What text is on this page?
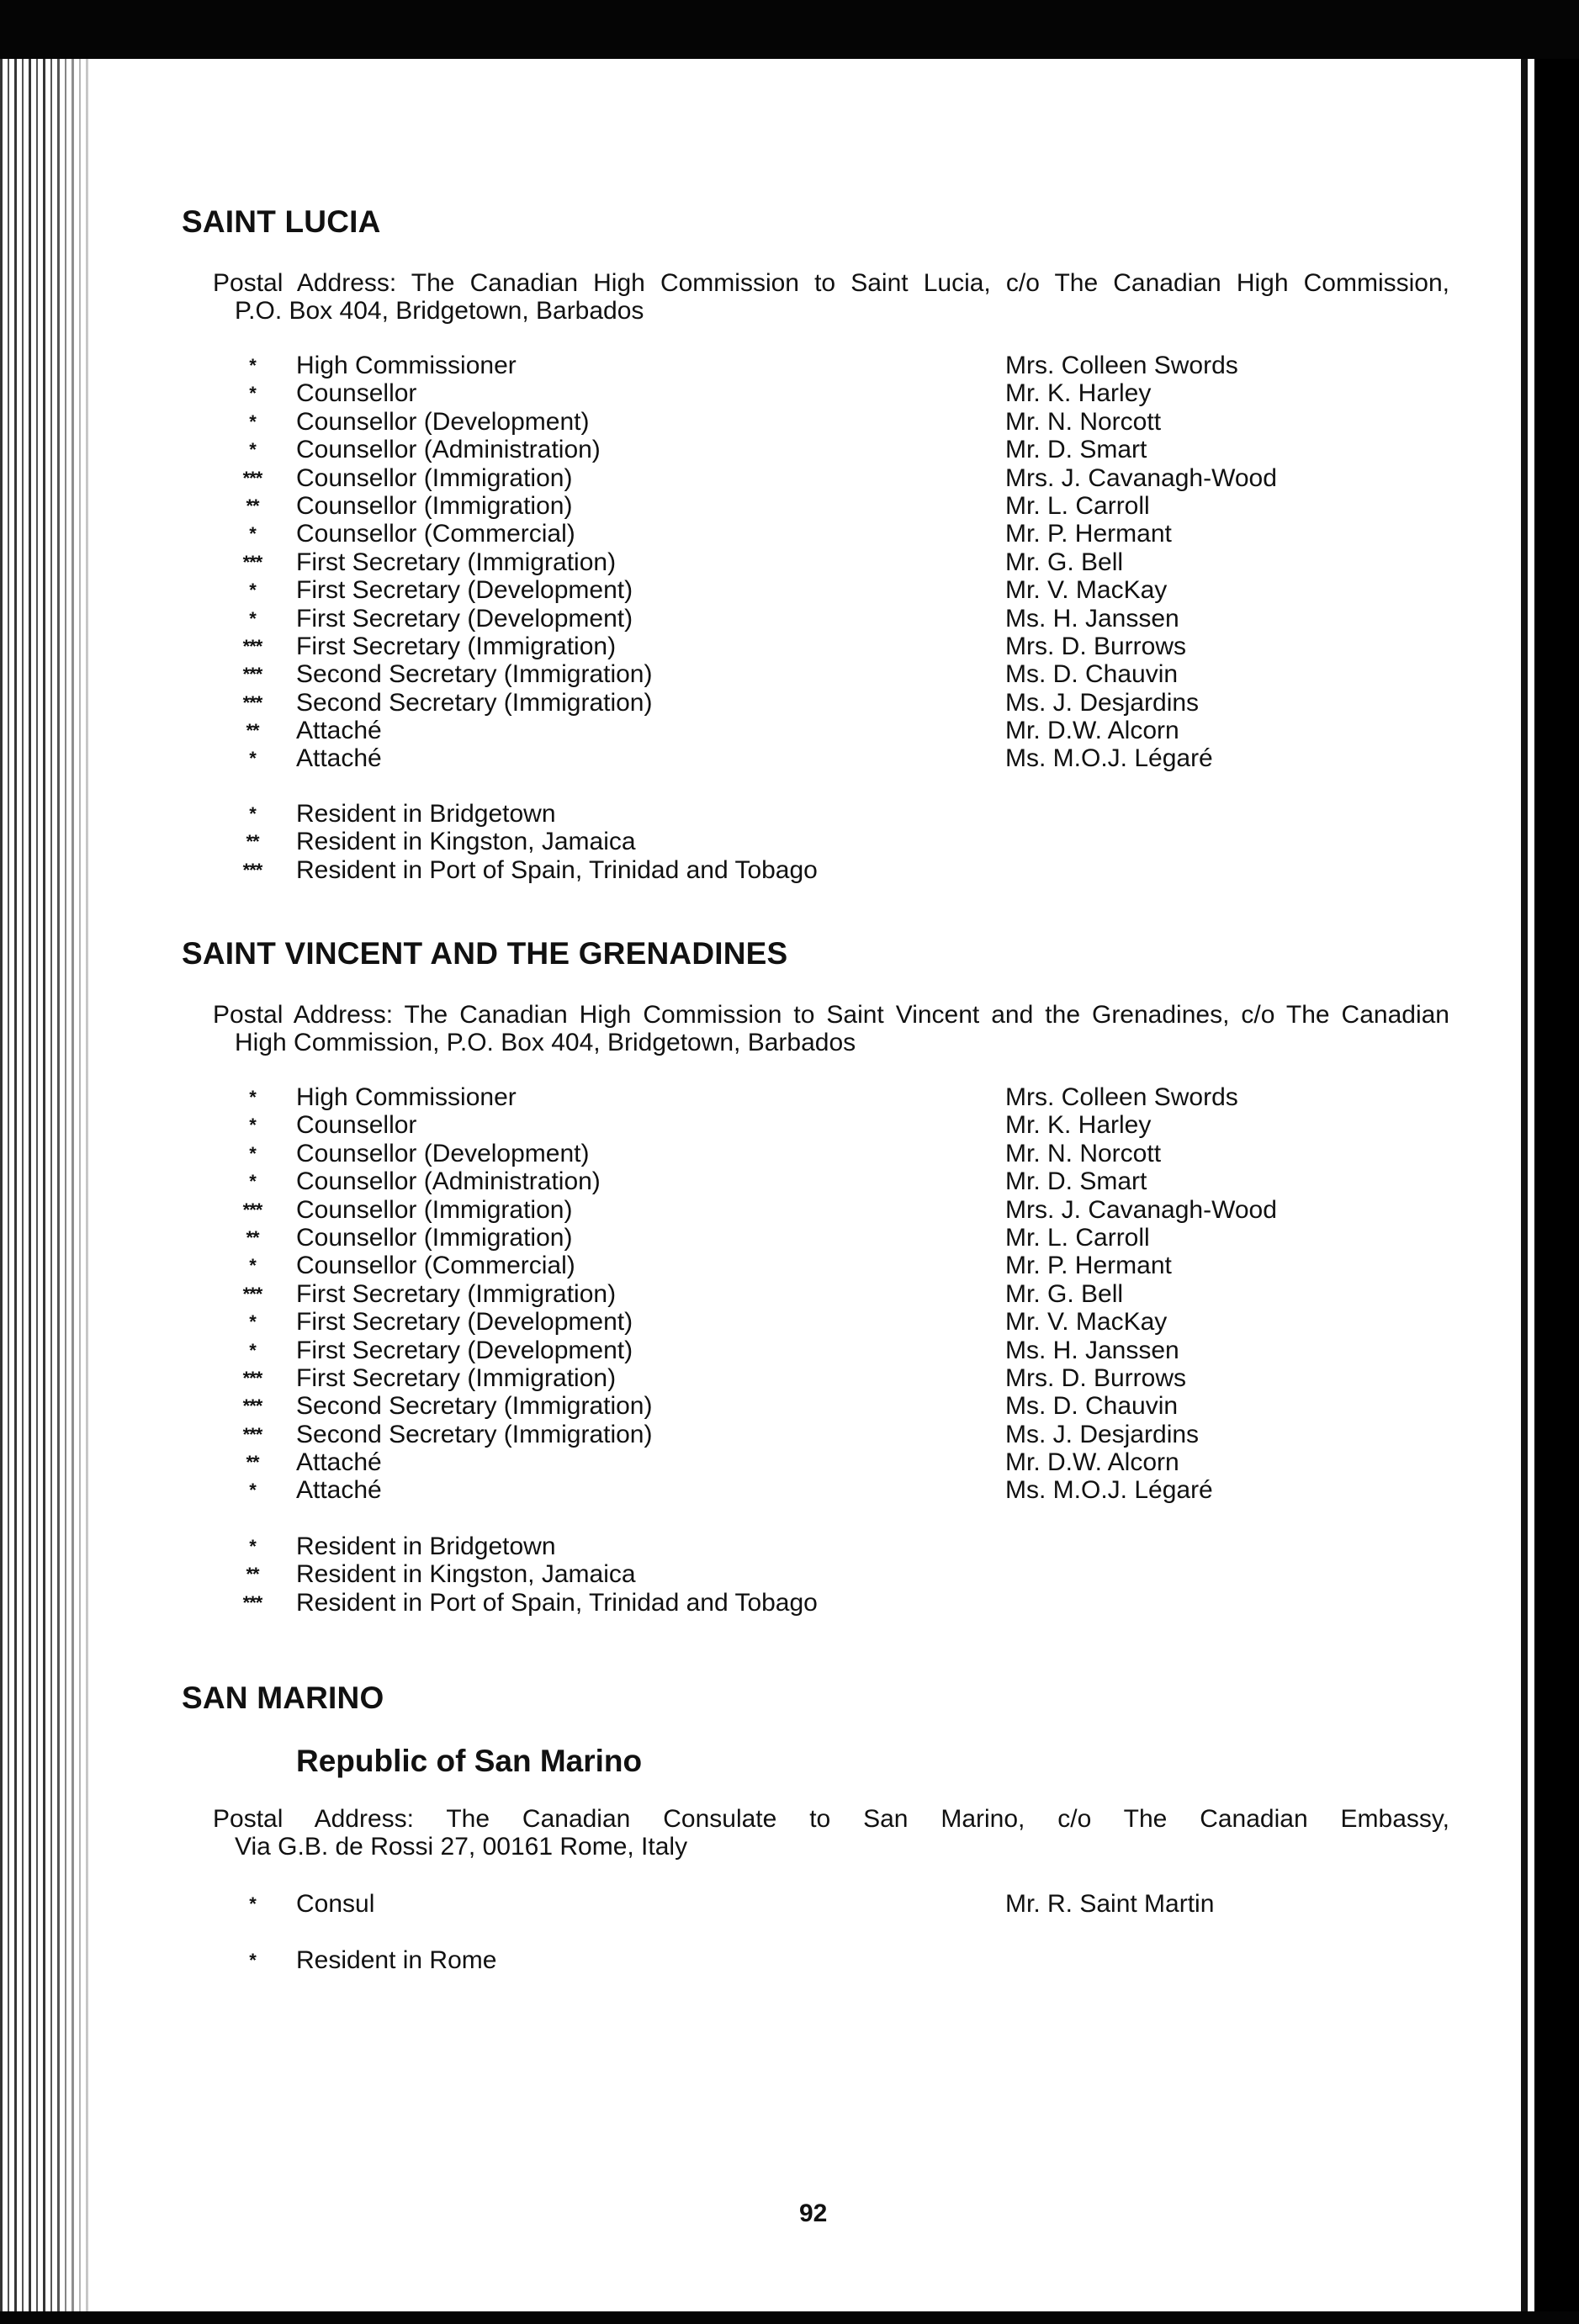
SAINT LUCIA
Postal Address: The Canadian High Commission to Saint Lucia, c/o The Canadian High Commission,
P.O. Box 404, Bridgetown, Barbados
*	High Commissioner	Mrs. Colleen Swords
*	Counsellor	Mr. K. Harley
*	Counsellor (Development)	Mr. N. Norcott
*	Counsellor (Administration)	Mr. D. Smart
***	Counsellor (Immigration)	Mrs. J. Cavanagh-Wood
**	Counsellor (Immigration)	Mr. L. Carroll
*	Counsellor (Commercial)	Mr. P. Hermant
***	First Secretary (Immigration)	Mr. G. Bell
*	First Secretary (Development)	Mr. V. MacKay
*	First Secretary (Development)	Ms. H. Janssen
***	First Secretary (Immigration)	Mrs. D. Burrows
***	Second Secretary (Immigration)	Ms. D. Chauvin
***	Second Secretary (Immigration)	Ms. J. Desjardins
**	Attaché	Mr. D.W. Alcorn
*	Attaché	Ms. M.O.J. Légaré
*	Resident in Bridgetown
**	Resident in Kingston, Jamaica
***	Resident in Port of Spain, Trinidad and Tobago
SAINT VINCENT AND THE GRENADINES
Postal Address: The Canadian High Commission to Saint Vincent and the Grenadines, c/o The Canadian
High Commission, P.O. Box 404, Bridgetown, Barbados
*	High Commissioner	Mrs. Colleen Swords
*	Counsellor	Mr. K. Harley
*	Counsellor (Development)	Mr. N. Norcott
*	Counsellor (Administration)	Mr. D. Smart
***	Counsellor (Immigration)	Mrs. J. Cavanagh-Wood
**	Counsellor (Immigration)	Mr. L. Carroll
*	Counsellor (Commercial)	Mr. P. Hermant
***	First Secretary (Immigration)	Mr. G. Bell
*	First Secretary (Development)	Mr. V. MacKay
*	First Secretary (Development)	Ms. H. Janssen
***	First Secretary (Immigration)	Mrs. D. Burrows
***	Second Secretary (Immigration)	Ms. D. Chauvin
***	Second Secretary (Immigration)	Ms. J. Desjardins
**	Attaché	Mr. D.W. Alcorn
*	Attaché	Ms. M.O.J. Légaré
*	Resident in Bridgetown
**	Resident in Kingston, Jamaica
***	Resident in Port of Spain, Trinidad and Tobago
SAN MARINO
Republic of San Marino
Postal Address: The Canadian Consulate to San Marino, c/o The Canadian Embassy,
Via G.B. de Rossi 27, 00161 Rome, Italy
*	Consul	Mr. R. Saint Martin
*	Resident in Rome
92
